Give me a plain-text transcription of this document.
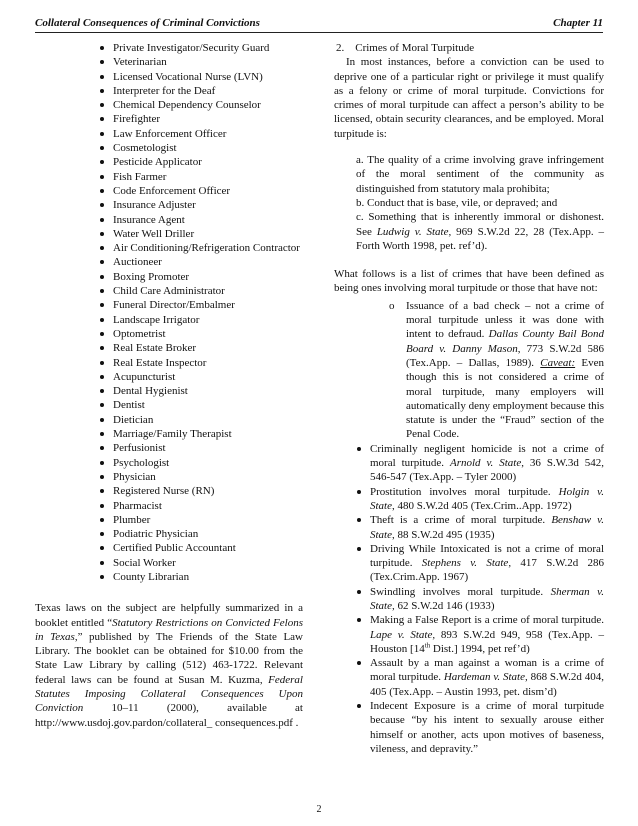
Collateral Consequences of Criminal Convictions	Chapter 11
Private Investigator/Security Guard
Veterinarian
Licensed Vocational Nurse (LVN)
Interpreter for the Deaf
Chemical Dependency Counselor
Firefighter
Law Enforcement Officer
Cosmetologist
Pesticide Applicator
Fish Farmer
Code Enforcement Officer
Insurance Adjuster
Insurance Agent
Water Well Driller
Air Conditioning/Refrigeration Contractor
Auctioneer
Boxing Promoter
Child Care Administrator
Funeral Director/Embalmer
Landscape Irrigator
Optometrist
Real Estate Broker
Real Estate Inspector
Acupuncturist
Dental Hygienist
Dentist
Dietician
Marriage/Family Therapist
Perfusionist
Psychologist
Physician
Registered Nurse (RN)
Pharmacist
Plumber
Podiatric Physician
Certified Public Accountant
Social Worker
County Librarian

Texas laws on the subject are helpfully summarized in a booklet entitled “Statutory Restrictions on Convicted Felons in Texas,” published by The Friends of the State Law Library. The booklet can be obtained for $10.00 from the State Law Library by calling (512) 463-1722. Relevant federal laws can be found at Susan M. Kuzma, Federal Statutes Imposing Collateral Consequences Upon Conviction 10–11 (2000), available at http://www.usdoj.gov.pardon/collateral_ consequences.pdf .

2. Crimes of Moral Turpitude

In most instances, before a conviction can be used to deprive one of a particular right or privilege it must qualify as a felony or crime of moral turpitude. Convictions for crimes of moral turpitude can affect a person’s ability to be licensed, obtain security clearances, and be employed. Moral turpitude is:

a. The quality of a crime involving grave infringement of the moral sentiment of the community as distinguished from statutory mala prohibita;

b. Conduct that is base, vile, or depraved; and

c. Something that is inherently immoral or dishonest. See Ludwig v. State, 969 S.W.2d 22, 28 (Tex.App. – Forth Worth 1998, pet. ref’d).

What follows is a list of crimes that have been defined as being ones involving moral turpitude or those that have not:

o Issuance of a bad check – not a crime of moral turpitude unless it was done with intent to defraud. Dallas County Bail Bond Board v. Danny Mason, 773 S.W.2d 586 (Tex.App. – Dallas, 1989). Caveat: Even though this is not considered a crime of moral turpitude, many employers will automatically deny employment because this statute is under the “Fraud” section of the Penal Code.
Criminally negligent homicide is not a crime of moral turpitude. Arnold v. State, 36 S.W.3d 542, 546-547 (Tex.App. – Tyler 2000)
Prostitution involves moral turpitude. Holgin v. State, 480 S.W.2d 405 (Tex.Crim..App. 1972)
Theft is a crime of moral turpitude. Benshaw v. State, 88 S.W.2d 495 (1935)
Driving While Intoxicated is not a crime of moral turpitude. Stephens v. State, 417 S.W.2d 286 (Tex.Crim.App. 1967)
Swindling involves moral turpitude. Sherman v. State, 62 S.W.2d 146 (1933)
Making a False Report is a crime of moral turpitude. Lape v. State, 893 S.W.2d 949, 958 (Tex.App. – Houston [14th Dist.] 1994, pet ref’d)
Assault by a man against a woman is a crime of moral turpitude. Hardeman v. State, 868 S.W.2d 404, 405 (Tex.App. – Austin 1993, pet. dism’d)
Indecent Exposure is a crime of moral turpitude because “by his intent to sexually arouse either himself or another, acts upon motives of baseness, vileness, and depravity.”
2
